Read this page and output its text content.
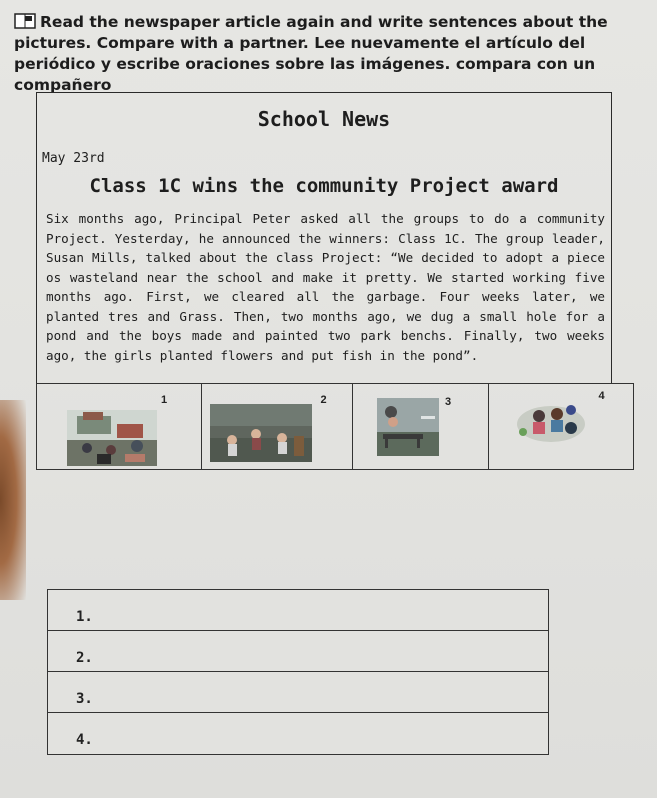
Read the newspaper article again and write sentences about the pictures. Compare with a partner. Lee nuevamente el artículo del periódico y escribe oraciones sobre las imágenes. compara con un compañero

School News
May 23rd
Class 1C wins the community Project award
Six months ago, Principal Peter asked all the groups to do a community Project. Yesterday, he announced the winners: Class 1C. The group leader, Susan Mills, talked about the class Project: “We decided to adopt a piece os wasteland near the school and make it pretty. We started working five months ago. First, we cleared all the garbage. Four weeks later, we planted tres and Grass. Then, two months ago, we dug a small hole for a pond and the boys made and painted two park benchs. Finally, two weeks ago, the girls planted flowers and put fish in the pond”.
1	2	3	4
1.
2.
3.
4.
